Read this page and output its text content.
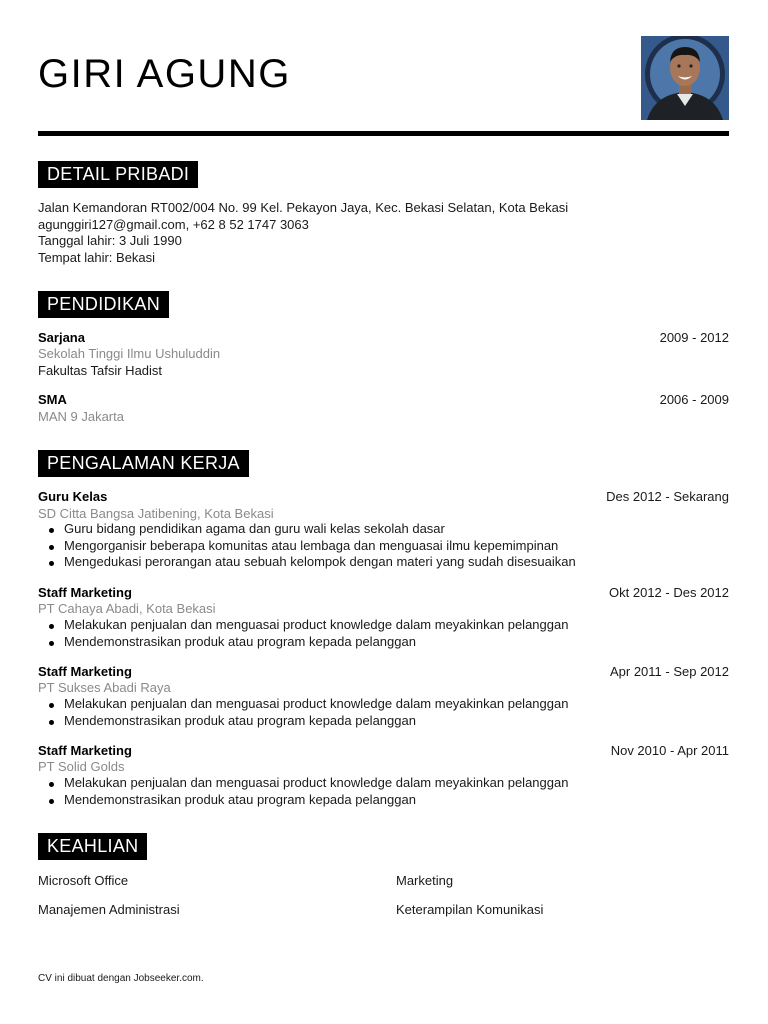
GIRI AGUNG
DETAIL PRIBADI
Jalan Kemandoran RT002/004 No. 99 Kel. Pekayon Jaya, Kec. Bekasi Selatan, Kota Bekasi
agunggiri127@gmail.com, +62 8 52 1747 3063
Tanggal lahir: 3 Juli 1990
Tempat lahir: Bekasi
PENDIDIKAN
Sarjana	2009 - 2012
Sekolah Tinggi Ilmu Ushuluddin
Fakultas Tafsir Hadist
SMA	2006 - 2009
MAN 9 Jakarta
PENGALAMAN KERJA
Guru Kelas	Des 2012 - Sekarang
SD Citta Bangsa Jatibening, Kota Bekasi
Guru bidang pendidikan agama dan guru wali kelas sekolah dasar
Mengorganisir beberapa komunitas atau lembaga dan menguasai ilmu kepemimpinan
Mengedukasi perorangan atau sebuah kelompok dengan materi yang sudah disesuaikan
Staff Marketing	Okt 2012 - Des 2012
PT Cahaya Abadi, Kota Bekasi
Melakukan penjualan dan menguasai product knowledge dalam meyakinkan pelanggan
Mendemonstrasikan produk atau program kepada pelanggan
Staff Marketing	Apr 2011 - Sep 2012
PT Sukses Abadi Raya
Melakukan penjualan dan menguasai product knowledge dalam meyakinkan pelanggan
Mendemonstrasikan produk atau program kepada pelanggan
Staff Marketing	Nov 2010 - Apr 2011
PT Solid Golds
Melakukan penjualan dan menguasai product knowledge dalam meyakinkan pelanggan
Mendemonstrasikan produk atau program kepada pelanggan
KEAHLIAN
Microsoft Office	Marketing
Manajemen Administrasi	Keterampilan Komunikasi
CV ini dibuat dengan Jobseeker.com.
